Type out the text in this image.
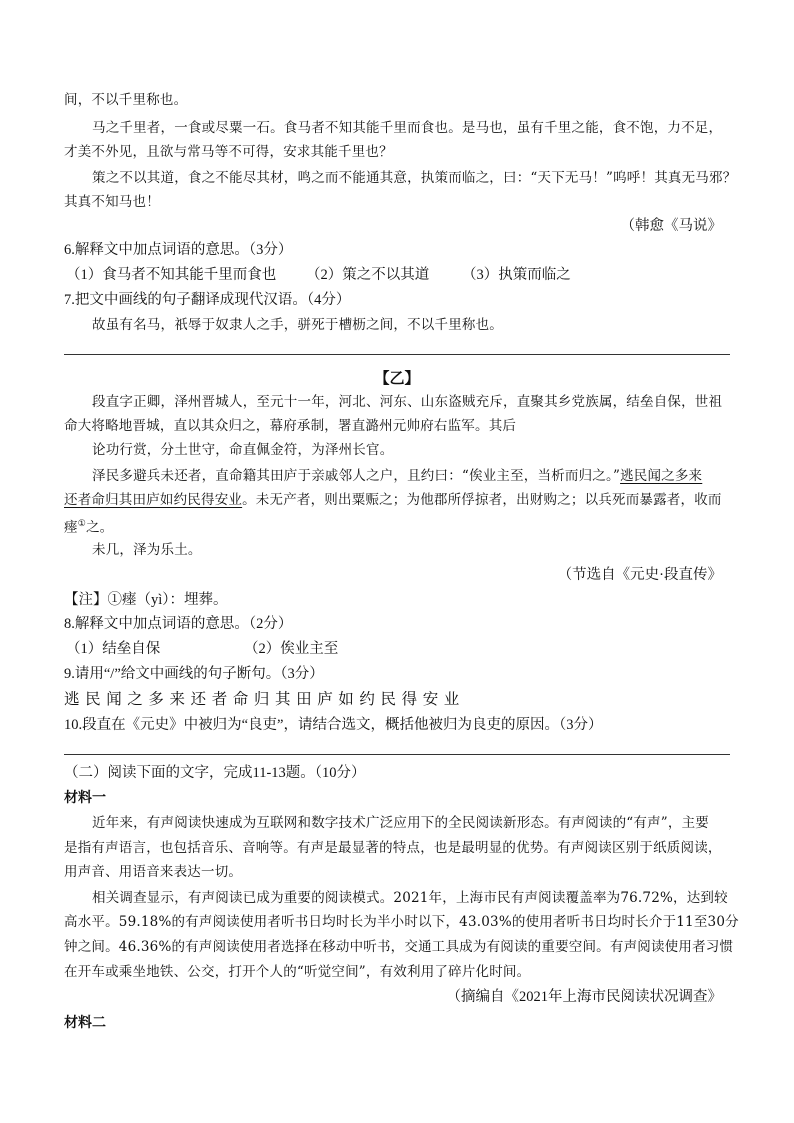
间，不以千里称也。
马之千里者，一食或尽粟一石。食马者不知其能千里而食也。是马也，虽有千里之能，食不饱，力不足，
才美不外见，且欲与常马等不可得，安求其能千里也？
策之不以其道，食之不能尽其材，鸣之而不能通其意，执策而临之，曰：“天下无马！”呜呼！其真无马邪？
其真不知马也！
（韩愈《马说》
6.解释文中加点词语的意思。（3分）
（1）食马者不知其能千里而食也 （2）策之不以其道 （3）执策而临之
7.把文中画线的句子翻译成现代汉语。（4分）
故虽有名马，祇辱于奴隶人之手，骈死于槽枥之间，不以千里称也。
【乙】
段直字正卿，泽州晋城人，至元十一年，河北、河东、山东盗贼充斥，直聚其乡党族属，结垒自保，世祖
命大将略地晋城，直以其众归之，幕府承制，署直潞州元帅府右监军。其后
论功行赏，分土世守，命直佩金符，为泽州长官。
泽民多避兵未还者，直命籍其田庐于亲戚邻人之户，且约曰：“俟业主至，当析而归之。”逃民闻之多来
还者命归其田庐如约民得安业。未无产者，则出粟赈之；为他郡所俘掠者，出财购之；以兵死而暴露者，收而
瘗①之。
未几，泽为乐土。
（节选自《元史·段直传》
【注】①瘗（yì）：埋葬。
8.解释文中加点词语的意思。（2分）
（1）结垒自保	（2）俟业主至
9.请用“/”给文中画线的句子断句。（3分）
逃民闻之多来还者命归其田庐如约民得安业
10.段直在《元史》中被归为“良吏”，请结合选文，概括他被归为良吏的原因。（3分）
（二）阅读下面的文字，完成11-13题。（10分）
材料一
近年来，有声阅读快速成为互联网和数字技术广泛应用下的全民阅读新形态。有声阅读的“有声”，主要
是指有声语言，也包括音乐、音响等。有声是最显著的特点，也是最明显的优势。有声阅读区别于纸质阅读，
用声音、用语音来表达一切。
相关调查显示，有声阅读已成为重要的阅读模式。2021年，上海市民有声阅读覆盖率为76.72%，达到较
高水平。59.18%的有声阅读使用者听书日均时长为半小时以下，43.03%的使用者听书日均时长介于11至30分
钟之间。46.36%的有声阅读使用者选择在移动中听书，交通工具成为有阅读的重要空间。有声阅读使用者习惯
在开车或乘坐地铁、公交，打开个人的“听觉空间”，有效利用了碎片化时间。
（摘编自《2021年上海市民阅读状况调查》
材料二
